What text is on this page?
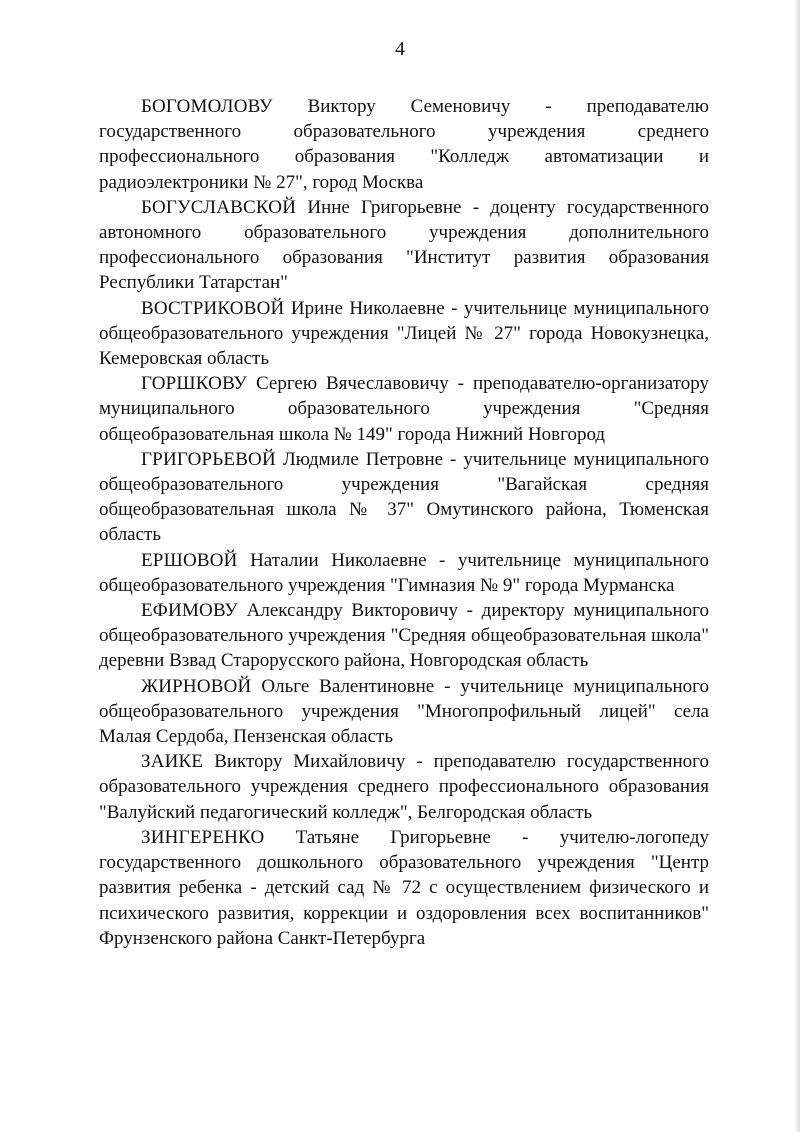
4

БОГОМОЛОВУ Виктору Семеновичу - преподавателю государственного образовательного учреждения среднего профессионального образования "Колледж автоматизации и радиоэлектроники № 27", город Москва

БОГУСЛАВСКОЙ Инне Григорьевне - доценту государственного автономного образовательного учреждения дополнительного профессионального образования "Институт развития образования Республики Татарстан"

ВОСТРИКОВОЙ Ирине Николаевне - учительнице муниципального общеобразовательного учреждения "Лицей № 27" города Новокузнецка, Кемеровская область

ГОРШКОВУ Сергею Вячеславовичу - преподавателю-организатору муниципального образовательного учреждения "Средняя общеобразовательная школа № 149" города Нижний Новгород

ГРИГОРЬЕВОЙ Людмиле Петровне - учительнице муниципального общеобразовательного учреждения "Вагайская средняя общеобразовательная школа № 37" Омутинского района, Тюменская область

ЕРШОВОЙ Наталии Николаевне - учительнице муниципального общеобразовательного учреждения "Гимназия № 9" города Мурманска

ЕФИМОВУ Александру Викторовичу - директору муниципального общеобразовательного учреждения "Средняя общеобразовательная школа" деревни Взвад Старорусского района, Новгородская область

ЖИРНОВОЙ Ольге Валентиновне - учительнице муниципального общеобразовательного учреждения "Многопрофильный лицей" села Малая Сердоба, Пензенская область

ЗАИКЕ Виктору Михайловичу - преподавателю государственного образовательного учреждения среднего профессионального образования "Валуйский педагогический колледж", Белгородская область

ЗИНГЕРЕНКО Татьяне Григорьевне - учителю-логопеду государственного дошкольного образовательного учреждения "Центр развития ребенка - детский сад № 72 с осуществлением физического и психического развития, коррекции и оздоровления всех воспитанников" Фрунзенского района Санкт-Петербурга
